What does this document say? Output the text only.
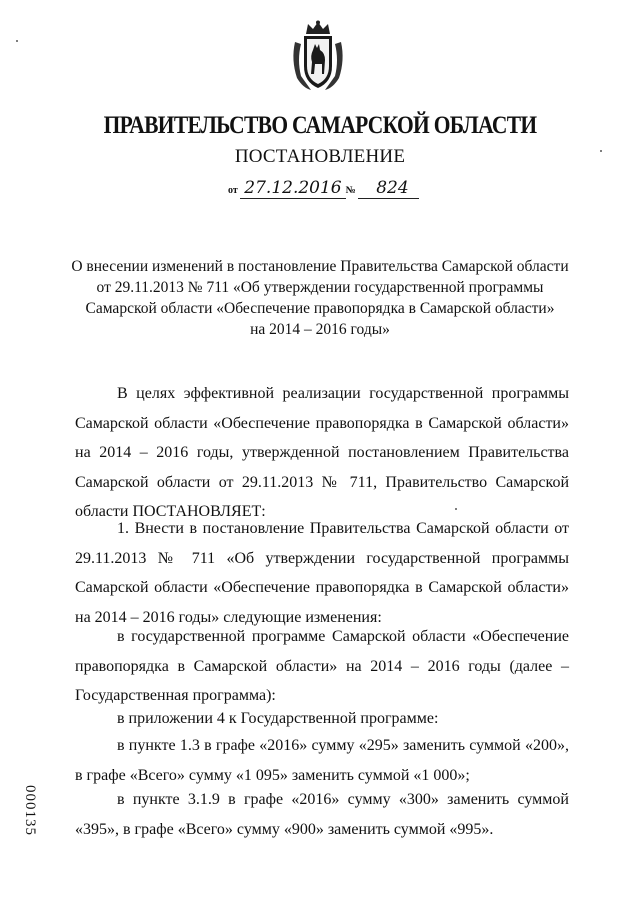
ПРАВИТЕЛЬСТВО САМАРСКОЙ ОБЛАСТИ
ПОСТАНОВЛЕНИЕ
от 27.12.2016 № 824
О внесении изменений в постановление Правительства Самарской области
от 29.11.2013 № 711 «Об утверждении государственной программы
Самарской области «Обеспечение правопорядка в Самарской области»
на 2014 – 2016 годы»

В целях эффективной реализации государственной программы Самарской области «Обеспечение правопорядка в Самарской области» на 2014 – 2016 годы, утвержденной постановлением Правительства Самарской области от 29.11.2013 № 711, Правительство Самарской области ПОСТАНОВЛЯЕТ:

1. Внести в постановление Правительства Самарской области от 29.11.2013 № 711 «Об утверждении государственной программы Самарской области «Обеспечение правопорядка в Самарской области» на 2014 – 2016 годы» следующие изменения:

в государственной программе Самарской области «Обеспечение правопорядка в Самарской области» на 2014 – 2016 годы (далее – Государственная программа):

в приложении 4 к Государственной программе:

в пункте 1.3 в графе «2016» сумму «295» заменить суммой «200», в графе «Всего» сумму «1 095» заменить суммой «1 000»;

в пункте 3.1.9 в графе «2016» сумму «300» заменить суммой «395», в графе «Всего» сумму «900» заменить суммой «995».

000135
